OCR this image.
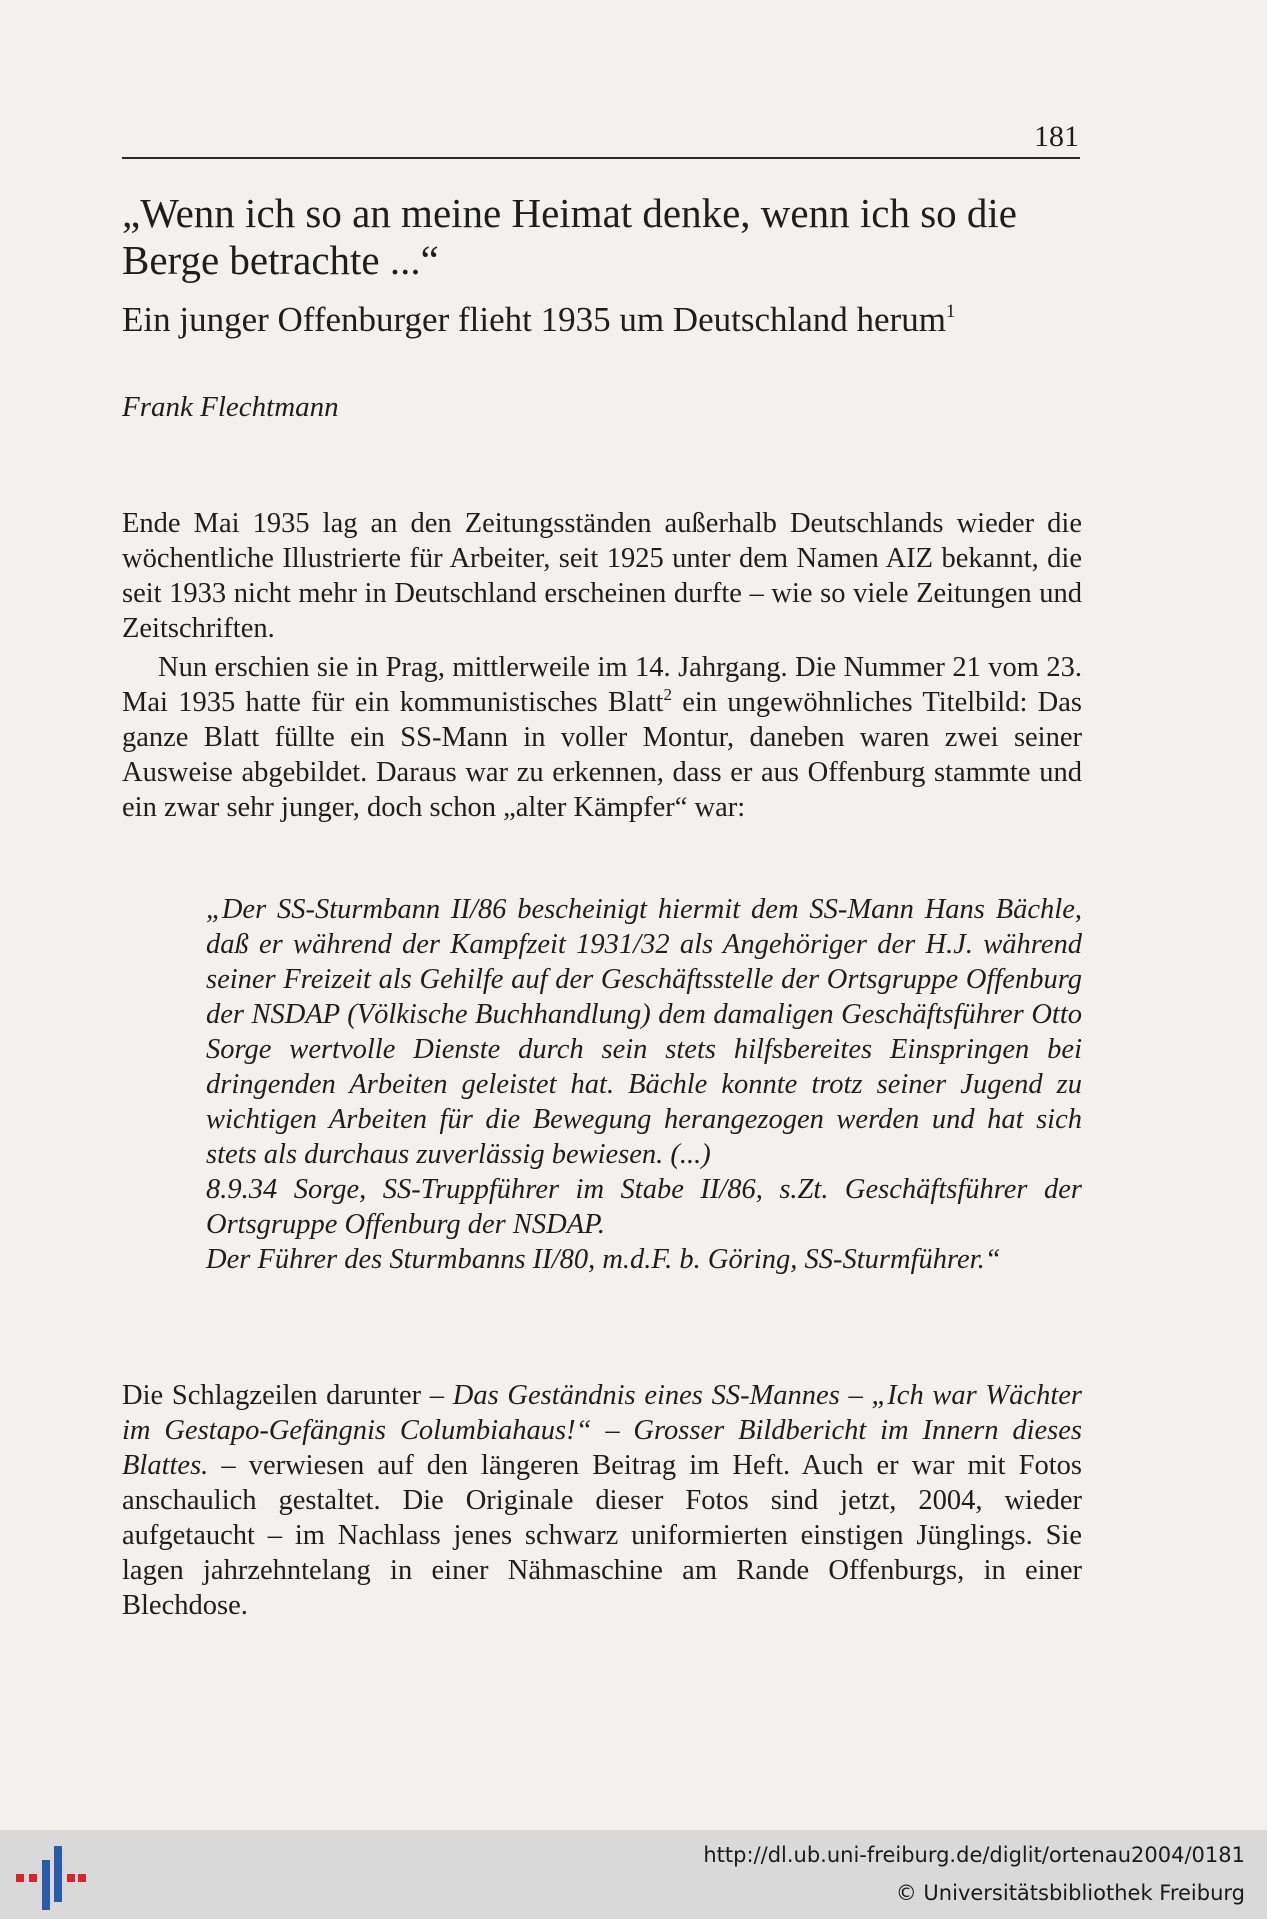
181
„Wenn ich so an meine Heimat denke, wenn ich so die Berge betrachte ...“
Ein junger Offenburger flieht 1935 um Deutschland herum$^1$
Frank Flechtmann

Ende Mai 1935 lag an den Zeitungsständen außerhalb Deutschlands wieder die wöchentliche Illustrierte für Arbeiter, seit 1925 unter dem Namen AIZ bekannt, die seit 1933 nicht mehr in Deutschland erscheinen durfte – wie so viele Zeitungen und Zeitschriften.

Nun erschien sie in Prag, mittlerweile im 14. Jahrgang. Die Nummer 21 vom 23. Mai 1935 hatte für ein kommunistisches Blatt$^2$ ein ungewöhnliches Titelbild: Das ganze Blatt füllte ein SS-Mann in voller Montur, daneben waren zwei seiner Ausweise abgebildet. Daraus war zu erkennen, dass er aus Offenburg stammte und ein zwar sehr junger, doch schon „alter Kämpfer“ war:

„Der SS-Sturmbann II/86 bescheinigt hiermit dem SS-Mann Hans Bächle, daß er während der Kampfzeit 1931/32 als Angehöriger der H.J. während seiner Freizeit als Gehilfe auf der Geschäftsstelle der Ortsgruppe Offenburg der NSDAP (Völkische Buchhandlung) dem damaligen Geschäftsführer Otto Sorge wertvolle Dienste durch sein stets hilfsbereites Einspringen bei dringenden Arbeiten geleistet hat. Bächle konnte trotz seiner Jugend zu wichtigen Arbeiten für die Bewegung herangezogen werden und hat sich stets als durchaus zuverlässig bewiesen. (...)
8.9.34 Sorge, SS-Truppführer im Stabe II/86, s.Zt. Geschäftsführer der Ortsgruppe Offenburg der NSDAP.
Der Führer des Sturmbanns II/80, m.d.F. b. Göring, SS-Sturmführer.“

Die Schlagzeilen darunter – Das Geständnis eines SS-Mannes – „Ich war Wächter im Gestapo-Gefängnis Columbiahaus!“ – Grosser Bildbericht im Innern dieses Blattes. – verwiesen auf den längeren Beitrag im Heft. Auch er war mit Fotos anschaulich gestaltet. Die Originale dieser Fotos sind jetzt, 2004, wieder aufgetaucht – im Nachlass jenes schwarz uniformierten einstigen Jünglings. Sie lagen jahrzehntelang in einer Nähmaschine am Rande Offenburgs, in einer Blechdose.

http://dl.ub.uni-freiburg.de/diglit/ortenau2004/0181
© Universitätsbibliothek Freiburg
